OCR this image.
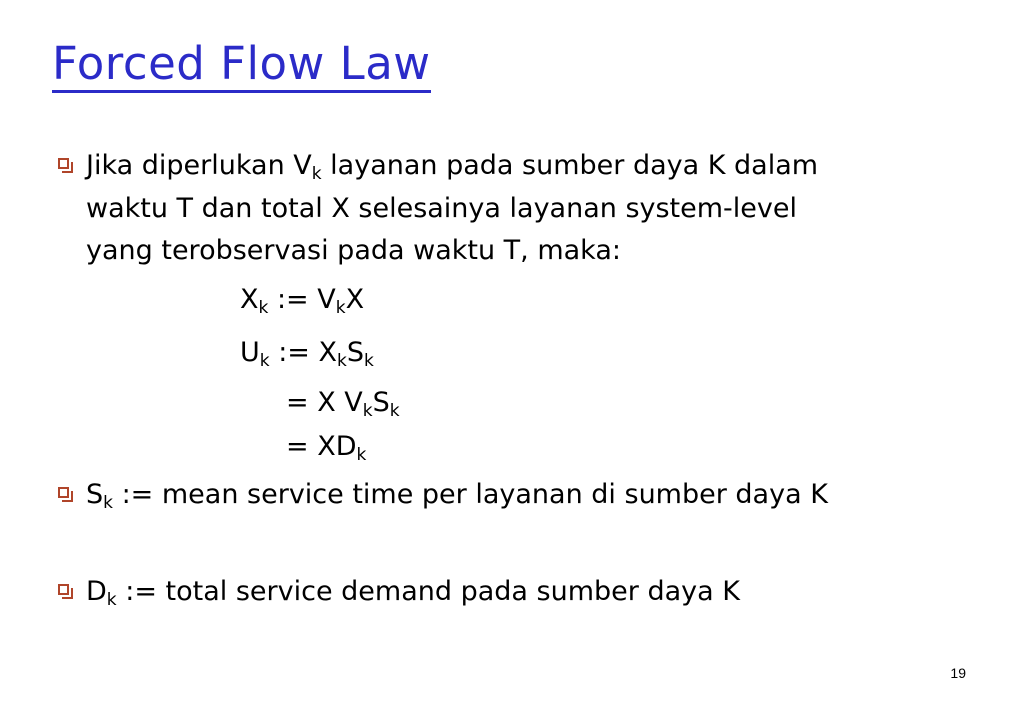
Forced Flow Law
Jika diperlukan $V_k$ layanan pada sumber daya K dalam
waktu T dan total X selesainya layanan system-level
yang terobservasi pada waktu T, maka:
$X_k$ := $V_kX$
$U_k$ := $X_kS_k$
= X $V_kS_k$
= $XD_k$
$S_k$ := mean service time per layanan di sumber daya K
$D_k$ := total service demand pada sumber daya K
19
